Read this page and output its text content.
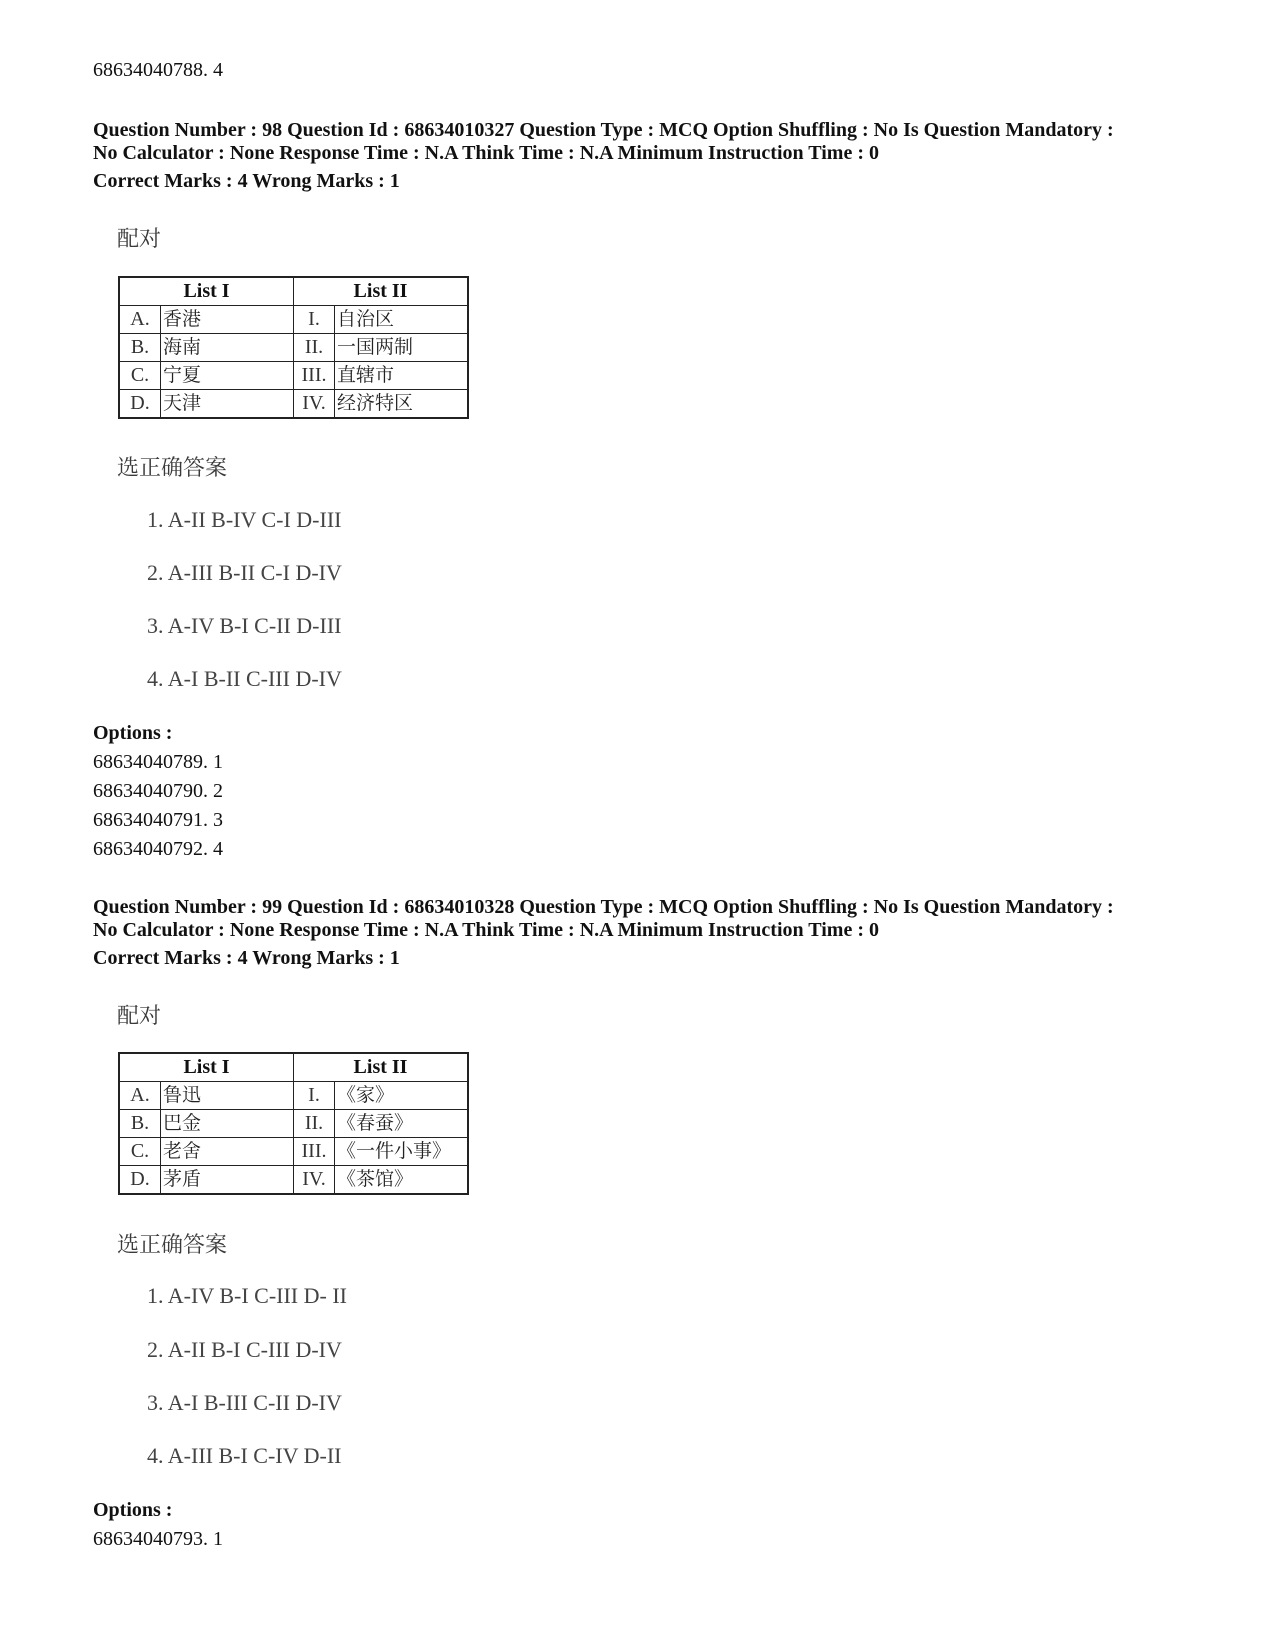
68634040788. 4
Question Number : 98 Question Id : 68634010327 Question Type : MCQ Option Shuffling : No Is Question Mandatory :
No Calculator : None Response Time : N.A Think Time : N.A Minimum Instruction Time : 0
Correct Marks : 4 Wrong Marks : 1
配对
List I		List II	
A.	香港	I.	自治区
B.	海南	II.	一国两制
C.	宁夏	III.	直辖市
D.	天津	IV.	经济特区
选正确答案
1. A-II B-IV C-I D-III
2. A-III B-II C-I D-IV
3. A-IV B-I C-II D-III
4. A-I B-II C-III D-IV
Options :
68634040789. 1
68634040790. 2
68634040791. 3
68634040792. 4
Question Number : 99 Question Id : 68634010328 Question Type : MCQ Option Shuffling : No Is Question Mandatory :
No Calculator : None Response Time : N.A Think Time : N.A Minimum Instruction Time : 0
Correct Marks : 4 Wrong Marks : 1
配对
List I		List II	
A.	鲁迅	I.	《家》
B.	巴金	II.	《春蚕》
C.	老舍	III.	《一件小事》
D.	茅盾	IV.	《茶馆》
选正确答案
1. A-IV B-I C-III D- II
2. A-II B-I C-III D-IV
3. A-I B-III C-II D-IV
4. A-III B-I C-IV D-II
Options :
68634040793. 1
